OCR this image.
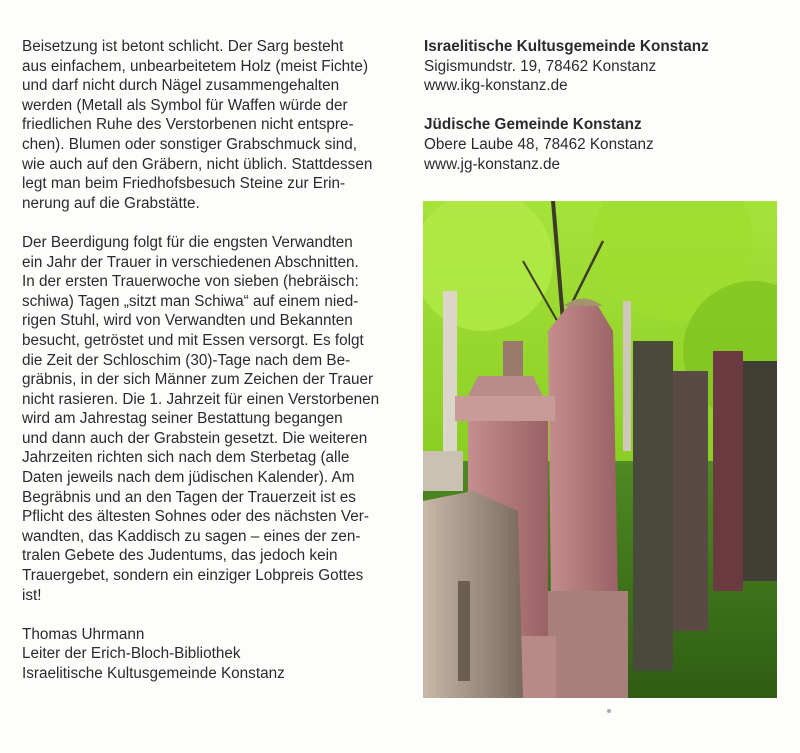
Beisetzung ist betont schlicht. Der Sarg besteht
aus einfachem, unbearbeitetem Holz (meist Fichte)
und darf nicht durch Nägel zusammengehalten
werden (Metall als Symbol für Waffen würde der
friedlichen Ruhe des Verstorbenen nicht entspre-
chen). Blumen oder sonstiger Grabschmuck sind,
wie auch auf den Gräbern, nicht üblich. Stattdessen
legt man beim Friedhofsbesuch Steine zur Erin-
nerung auf die Grabstätte.

Der Beerdigung folgt für die engsten Verwandten
ein Jahr der Trauer in verschiedenen Abschnitten.
In der ersten Trauerwoche von sieben (hebräisch:
schiwa) Tagen „sitzt man Schiwa“ auf einem nied-
rigen Stuhl, wird von Verwandten und Bekannten
besucht, getröstet und mit Essen versorgt. Es folgt
die Zeit der Schloschim (30)-Tage nach dem Be-
gräbnis, in der sich Männer zum Zeichen der Trauer
nicht rasieren. Die 1. Jahrzeit für einen Verstorbenen
wird am Jahrestag seiner Bestattung begangen
und dann auch der Grabstein gesetzt. Die weiteren
Jahrzeiten richten sich nach dem Sterbetag (alle
Daten jeweils nach dem jüdischen Kalender). Am
Begräbnis und an den Tagen der Trauerzeit ist es
Pflicht des ältesten Sohnes oder des nächsten Ver-
wandten, das Kaddisch zu sagen – eines der zen-
tralen Gebete des Judentums, das jedoch kein
Trauergebet, sondern ein einziger Lobpreis Gottes
ist!

Thomas Uhrmann
Leiter der Erich-Bloch-Bibliothek
Israelitische Kultusgemeinde Konstanz

Israelitische Kultusgemeinde Konstanz
Sigismundstr. 19, 78462 Konstanz
www.ikg-konstanz.de
Jüdische Gemeinde Konstanz
Obere Laube 48, 78462 Konstanz
www.jg-konstanz.de
